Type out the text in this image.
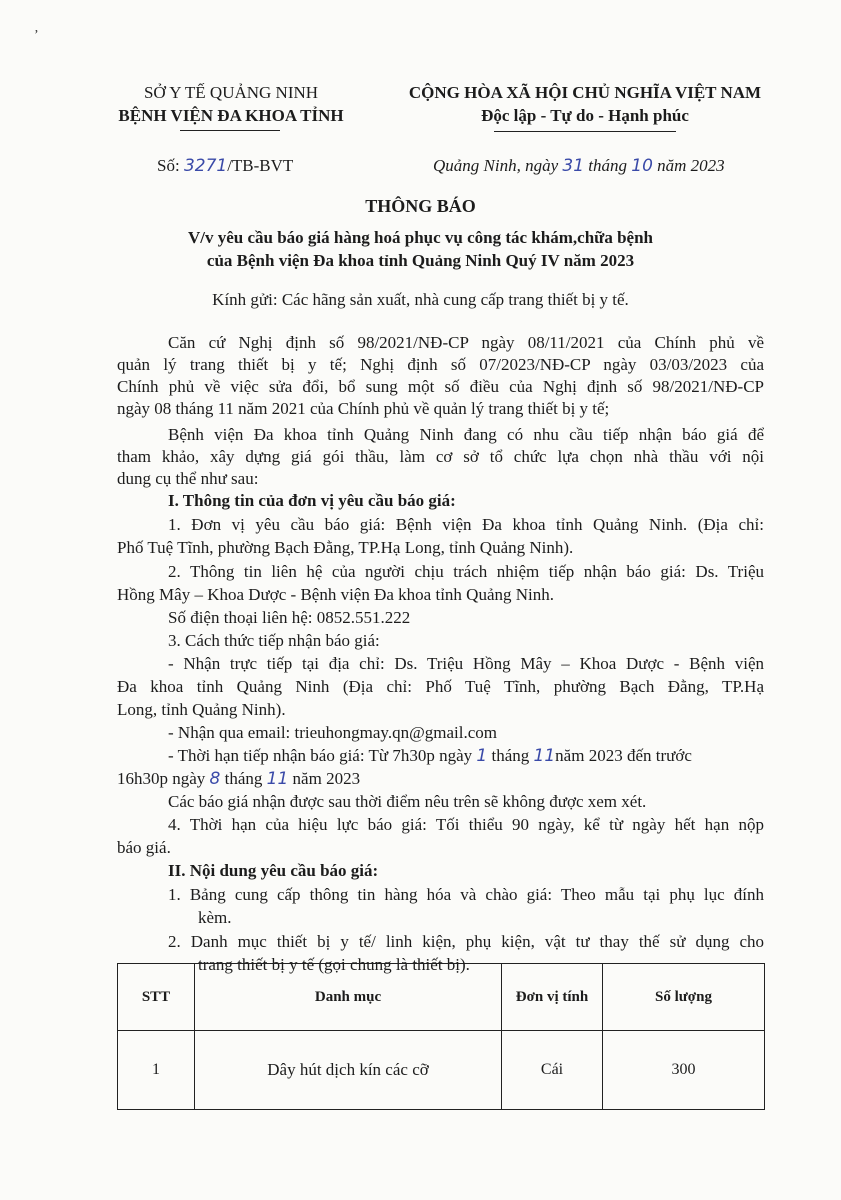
ʼ
SỞ Y TẾ QUẢNG NINH
BỆNH VIỆN ĐA KHOA TỈNH
CỘNG HÒA XÃ HỘI CHỦ NGHĨA VIỆT NAM
Độc lập - Tự do - Hạnh phúc
Số: 3271/TB-BVT	Quảng Ninh, ngày 31 tháng 10 năm 2023
THÔNG BÁO
V/v yêu cầu báo giá hàng hoá phục vụ công tác khám,chữa bệnh
của Bệnh viện Đa khoa tỉnh Quảng Ninh Quý IV năm 2023
Kính gửi: Các hãng sản xuất, nhà cung cấp trang thiết bị y tế.
Căn cứ Nghị định số 98/2021/NĐ-CP ngày 08/11/2021 của Chính phủ về
quản lý trang thiết bị y tế; Nghị định số 07/2023/NĐ-CP ngày 03/03/2023 của
Chính phủ về việc sửa đổi, bổ sung một số điều của Nghị định số 98/2021/NĐ-CP
ngày 08 tháng 11 năm 2021 của Chính phủ về quản lý trang thiết bị y tế;
Bệnh viện Đa khoa tỉnh Quảng Ninh đang có nhu cầu tiếp nhận báo giá để
tham khảo, xây dựng giá gói thầu, làm cơ sở tổ chức lựa chọn nhà thầu với nội
dung cụ thể như sau:
I. Thông tin của đơn vị yêu cầu báo giá:
1. Đơn vị yêu cầu báo giá: Bệnh viện Đa khoa tỉnh Quảng Ninh. (Địa chỉ:
Phố Tuệ Tĩnh, phường Bạch Đằng, TP.Hạ Long, tỉnh Quảng Ninh).
2. Thông tin liên hệ của người chịu trách nhiệm tiếp nhận báo giá: Ds. Triệu
Hồng Mây – Khoa Dược - Bệnh viện Đa khoa tỉnh Quảng Ninh.
Số điện thoại liên hệ: 0852.551.222
3. Cách thức tiếp nhận báo giá:
- Nhận trực tiếp tại địa chỉ: Ds. Triệu Hồng Mây – Khoa Dược - Bệnh viện
Đa khoa tỉnh Quảng Ninh (Địa chỉ: Phố Tuệ Tĩnh, phường Bạch Đằng, TP.Hạ
Long, tỉnh Quảng Ninh).
- Nhận qua email: trieuhongmay.qn@gmail.com
- Thời hạn tiếp nhận báo giá: Từ 7h30p ngày 1 tháng 11năm 2023 đến trước
16h30p ngày 8 tháng 11 năm 2023
Các báo giá nhận được sau thời điểm nêu trên sẽ không được xem xét.
4. Thời hạn của hiệu lực báo giá: Tối thiểu 90 ngày, kể từ ngày hết hạn nộp
báo giá.
II. Nội dung yêu cầu báo giá:
1. Bảng cung cấp thông tin hàng hóa và chào giá: Theo mẫu tại phụ lục đính
kèm.
2. Danh mục thiết bị y tế/ linh kiện, phụ kiện, vật tư thay thế sử dụng cho
trang thiết bị y tế (gọi chung là thiết bị).
STT	Danh mục	Đơn vị tính	Số lượng
1	Dây hút dịch kín các cỡ	Cái	300
